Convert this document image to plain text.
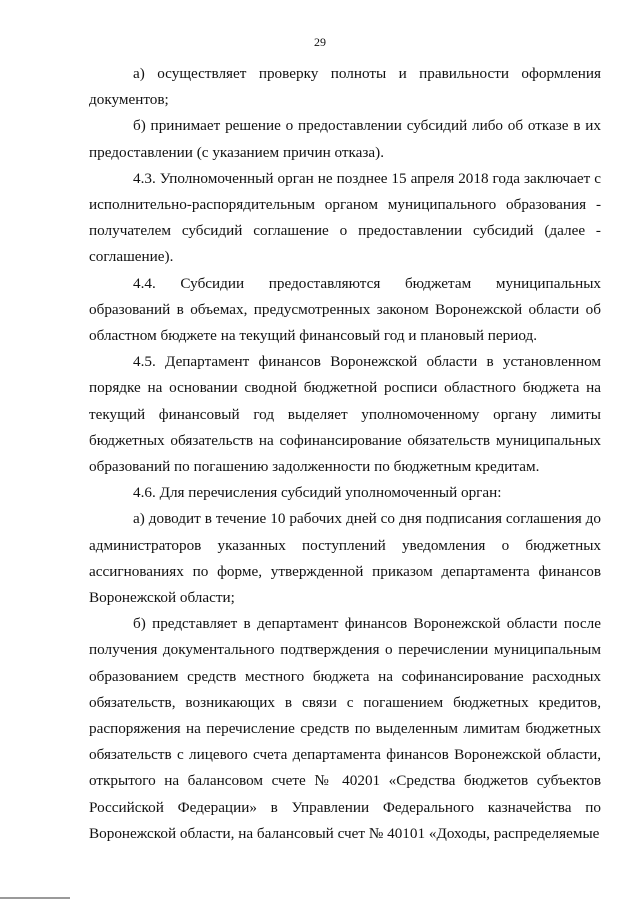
29

а) осуществляет проверку полноты и правильности оформления документов;

б) принимает решение о предоставлении субсидий либо об отказе в их предоставлении (с указанием причин отказа).

4.3. Уполномоченный орган не позднее 15 апреля 2018 года заключает с исполнительно-распорядительным органом муниципального образования - получателем субсидий соглашение о предоставлении субсидий (далее - соглашение).

4.4. Субсидии предоставляются бюджетам муниципальных образований в объемах, предусмотренных законом Воронежской области об областном бюджете на текущий финансовый год и плановый период.

4.5. Департамент финансов Воронежской области в установленном порядке на основании сводной бюджетной росписи областного бюджета на текущий финансовый год выделяет уполномоченному органу лимиты бюджетных обязательств на софинансирование обязательств муниципальных образований по погашению задолженности по бюджетным кредитам.

4.6. Для перечисления субсидий уполномоченный орган:

а) доводит в течение 10 рабочих дней со дня подписания соглашения до администраторов указанных поступлений уведомления о бюджетных ассигнованиях по форме, утвержденной приказом департамента финансов Воронежской области;

б) представляет в департамент финансов Воронежской области после получения документального подтверждения о перечислении муниципальным образованием средств местного бюджета на софинансирование расходных обязательств, возникающих в связи с погашением бюджетных кредитов, распоряжения на перечисление средств по выделенным лимитам бюджетных обязательств с лицевого счета департамента финансов Воронежской области, открытого на балансовом счете № 40201 «Средства бюджетов субъектов Российской Федерации» в Управлении Федерального казначейства по Воронежской области, на балансовый счет № 40101 «Доходы, распределяемые
